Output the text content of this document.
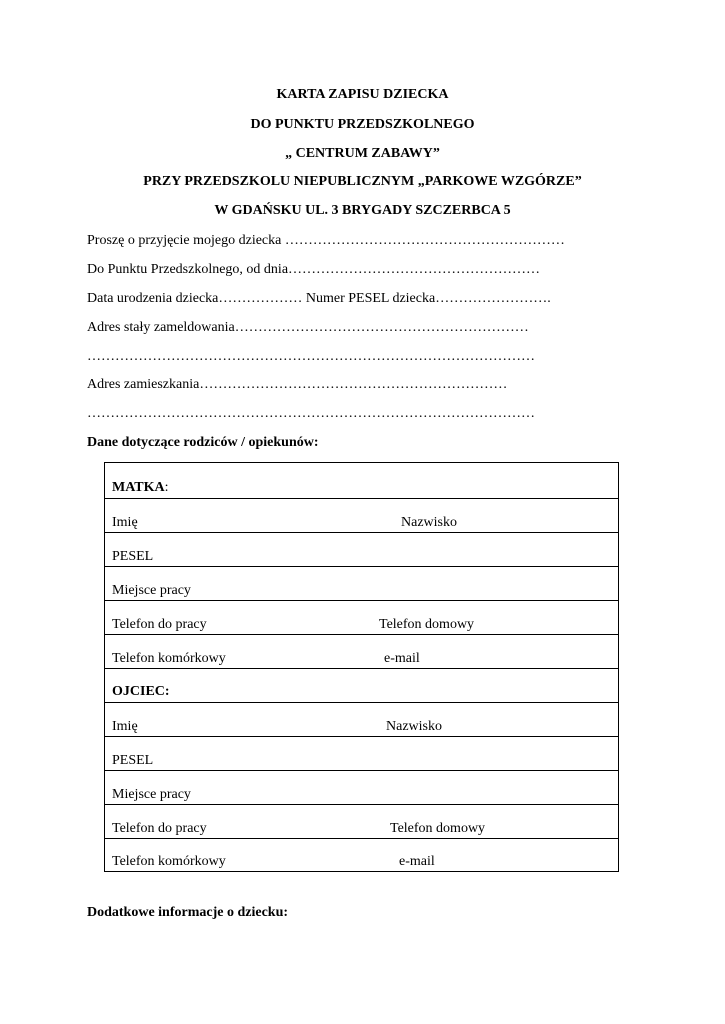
KARTA ZAPISU DZIECKA
DO PUNKTU PRZEDSZKOLNEGO
„ CENTRUM ZABAWY”
PRZY PRZEDSZKOLU NIEPUBLICZNYM „PARKOWE WZGÓRZE”
W GDAŃSKU UL. 3 BRYGADY SZCZERBCA 5
Proszę o przyjęcie mojego dziecka ……………………………………………………
Do Punktu Przedszkolnego, od dnia………………………………………………
Data urodzenia dziecka……………… Numer PESEL dziecka…………………….
Adres stały zameldowania………………………………………………………
……………………………………………………………………………………
Adres zamieszkania…………………………………………………………
……………………………………………………………………………………
Dane dotyczące rodziców / opiekunów:
MATKA:
Imię	Nazwisko
PESEL
Miejsce pracy
Telefon do pracy	Telefon domowy
Telefon komórkowy	e-mail
OJCIEC:
Imię	Nazwisko
PESEL
Miejsce pracy
Telefon do pracy	Telefon domowy
Telefon komórkowy	e-mail
Dodatkowe informacje o dziecku:
